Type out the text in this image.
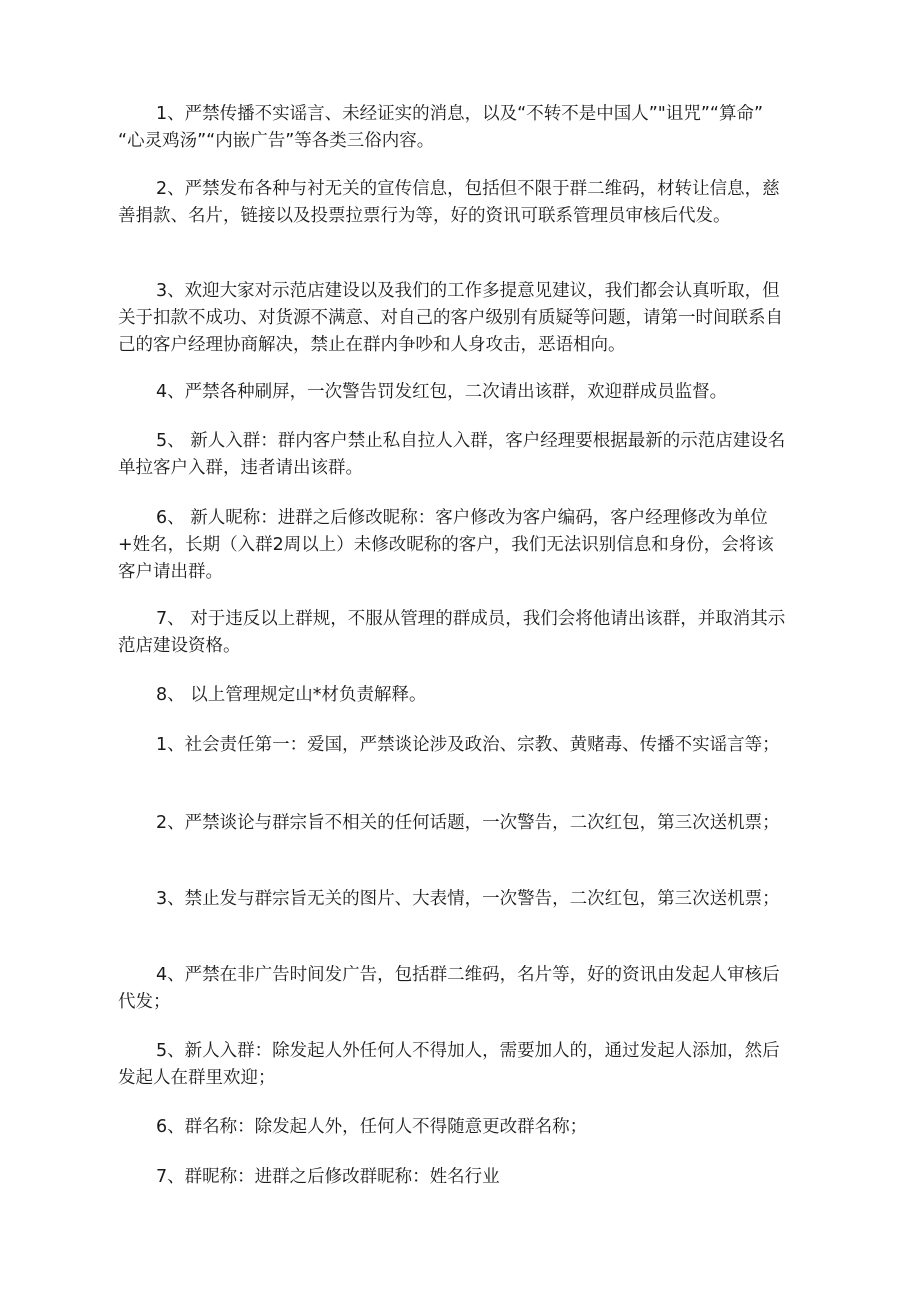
1、严禁传播不实谣言、未经证实的消息，以及“不转不是中国人”"诅咒”“算命” “心灵鸡汤”“内嵌广告”等各类三俗内容。

2、严禁发布各种与衬无关的宣传信息，包括但不限于群二维码，材转让信息，慈善捐款、名片，链接以及投票拉票行为等，好的资讯可联系管理员审核后代发。

3、欢迎大家对示范店建设以及我们的工作多提意见建议，我们都会认真听取，但关于扣款不成功、对货源不满意、对自己的客户级别有质疑等问题，请第一时间联系自己的客户经理协商解决，禁止在群内争吵和人身攻击，恶语相向。

4、严禁各种刷屏，一次警告罚发红包，二次请出该群，欢迎群成员监督。

5、 新人入群：群内客户禁止私自拉人入群，客户经理要根据最新的示范店建设名单拉客户入群，违者请出该群。

6、 新人昵称：进群之后修改昵称：客户修改为客户编码，客户经理修改为单位+姓名，长期（入群2周以上）未修改昵称的客户，我们无法识别信息和身份，会将该客户请出群。

7、 对于违反以上群规，不服从管理的群成员，我们会将他请出该群，并取消其示范店建设资格。

8、 以上管理规定山*材负责解释。

1、社会责任第一：爱国，严禁谈论涉及政治、宗教、黄赌毒、传播不实谣言等；

2、严禁谈论与群宗旨不相关的任何话题，一次警告，二次红包，第三次送机票；

3、禁止发与群宗旨无关的图片、大表情，一次警告，二次红包，第三次送机票；

4、严禁在非广告时间发广告，包括群二维码，名片等，好的资讯由发起人审核后代发；

5、新人入群：除发起人外任何人不得加人，需要加人的，通过发起人添加，然后发起人在群里欢迎；

6、群名称：除发起人外，任何人不得随意更改群名称；

7、群昵称：进群之后修改群昵称：姓名行业
